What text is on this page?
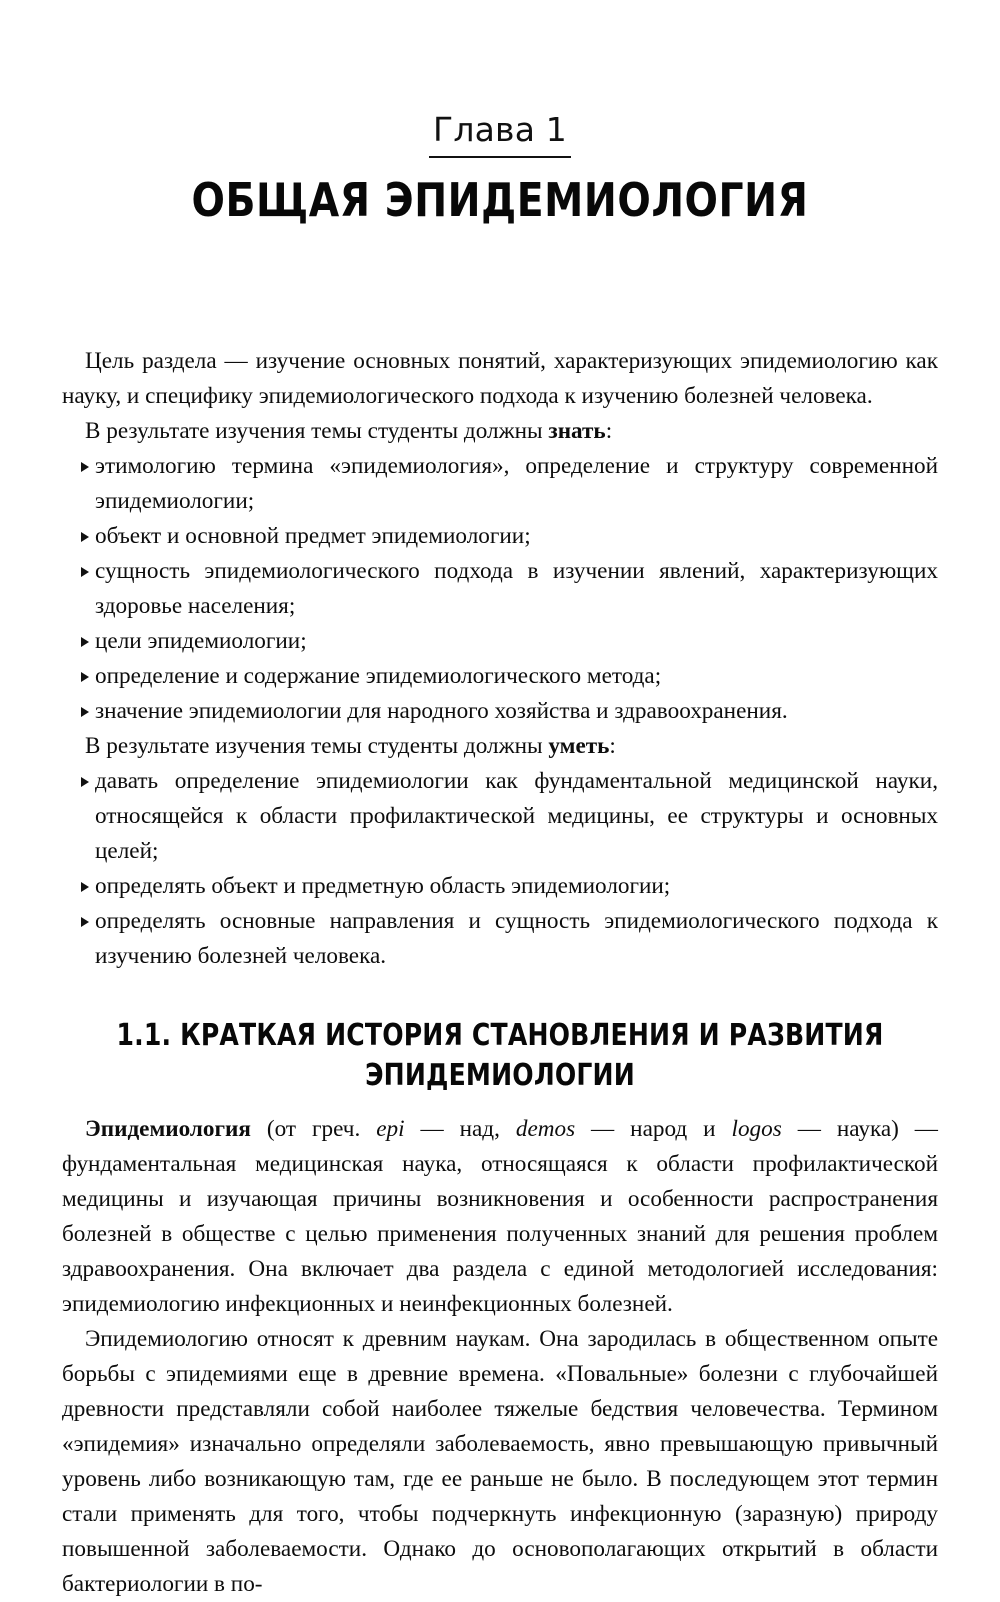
Глава 1
ОБЩАЯ ЭПИДЕМИОЛОГИЯ

Цель раздела — изучение основных понятий, характеризующих эпидемиологию как науку, и специфику эпидемиологического подхода к изучению болезней человека.

В результате изучения темы студенты должны знать:

этимологию термина «эпидемиология», определение и структуру современной эпидемиологии;
объект и основной предмет эпидемиологии;
сущность эпидемиологического подхода в изучении явлений, характеризующих здоровье населения;
цели эпидемиологии;
определение и содержание эпидемиологического метода;
значение эпидемиологии для народного хозяйства и здравоохранения.

В результате изучения темы студенты должны уметь:

давать определение эпидемиологии как фундаментальной медицинской науки, относящейся к области профилактической медицины, ее структуры и основных целей;
определять объект и предметную область эпидемиологии;
определять основные направления и сущность эпидемиологического подхода к изучению болезней человека.
1.1. КРАТКАЯ ИСТОРИЯ СТАНОВЛЕНИЯ И РАЗВИТИЯ
ЭПИДЕМИОЛОГИИ

Эпидемиология (от греч. epi — над, demos — народ и logos — наука) — фундаментальная медицинская наука, относящаяся к области профилактической медицины и изучающая причины возникновения и особенности распространения болезней в обществе с целью применения полученных знаний для решения проблем здравоохранения. Она включает два раздела с единой методологией исследования: эпидемиологию инфекционных и неинфекционных болезней.

Эпидемиологию относят к древним наукам. Она зародилась в общественном опыте борьбы с эпидемиями еще в древние времена. «Повальные» болезни с глубочайшей древности представляли собой наиболее тяжелые бедствия человечества. Термином «эпидемия» изначально определяли заболеваемость, явно превышающую привычный уровень либо возникающую там, где ее раньше не было. В последующем этот термин стали применять для того, чтобы подчеркнуть инфекционную (заразную) природу повышенной заболеваемости. Однако до основополагающих открытий в области бактериологии в по-
